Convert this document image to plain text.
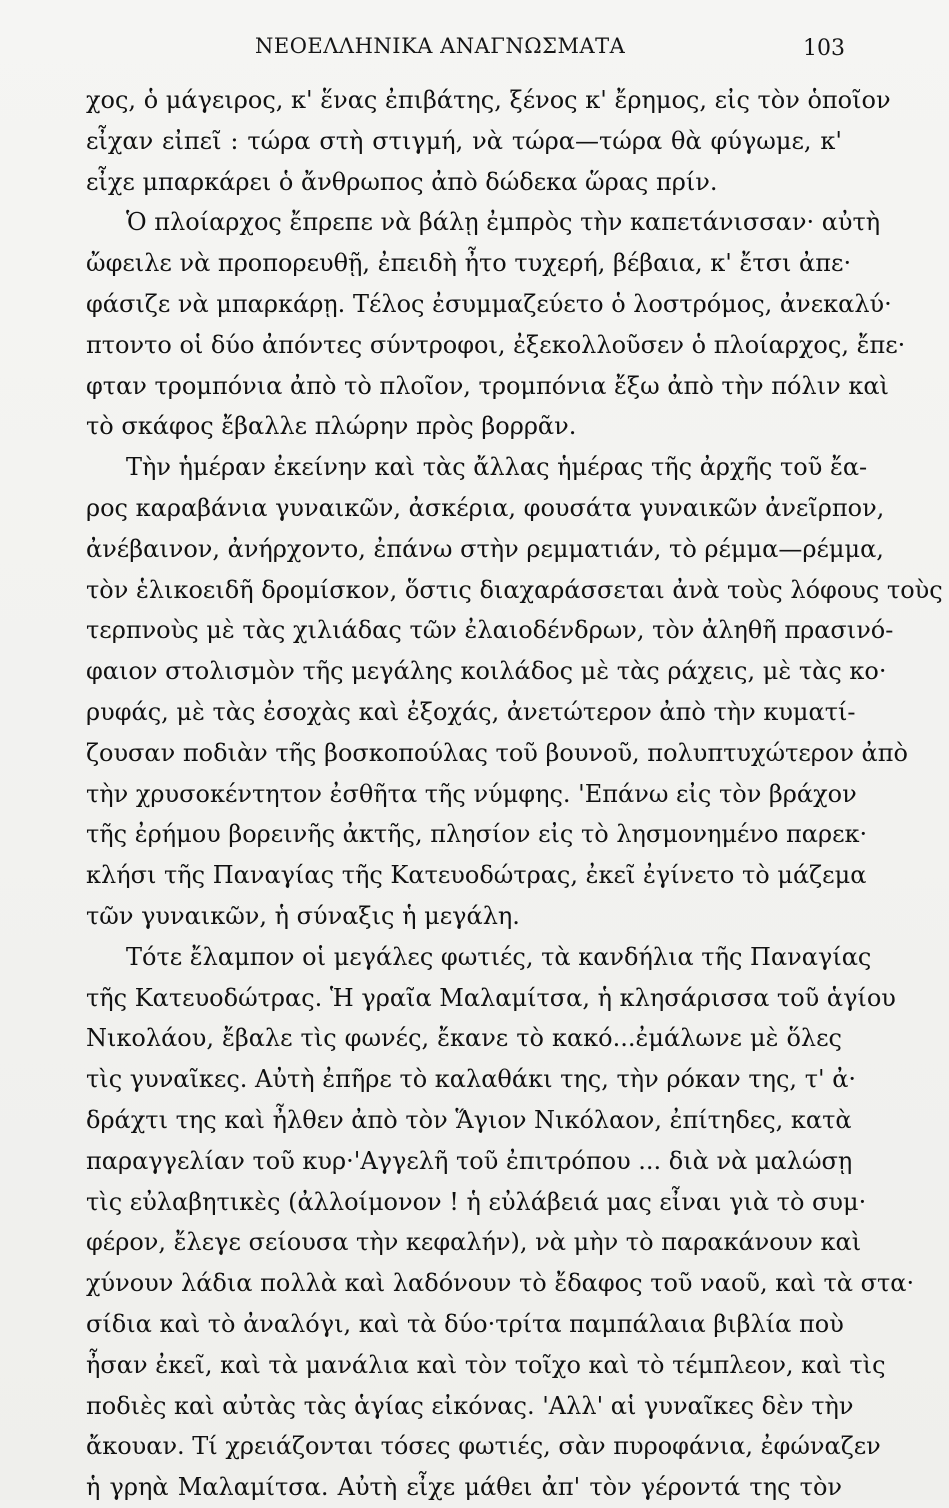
ΝΕΟΕΛΛΗΝΙΚΑ ΑΝΑΓΝΩΣΜΑΤΑ	103
χος, ὁ μάγειρος, κ' ἕνας ἐπιβάτης, ξένος κ' ἔρημος, εἰς τὸν ὁποῖον
εἶχαν εἰπεῖ : τώρα στὴ στιγμή, νὰ τώρα—τώρα θὰ φύγωμε, κ'
εἶχε μπαρκάρει ὁ ἄνθρωπος ἀπὸ δώδεκα ὥρας πρίν.
Ὁ πλοίαρχος ἔπρεπε νὰ βάλῃ ἐμπρὸς τὴν καπετάνισσαν· αὐτὴ
ὤφειλε νὰ προπορευθῇ, ἐπειδὴ ἦτο τυχερή, βέβαια, κ' ἔτσι ἀπε·
φάσιζε νὰ μπαρκάρῃ. Τέλος ἐσυμμαζεύετο ὁ λοστρόμος, ἀνεκαλύ·
πτοντο οἱ δύο ἀπόντες σύντροφοι, ἐξεκολλοῦσεν ὁ πλοίαρχος, ἔπε·
φταν τρομπόνια ἀπὸ τὸ πλοῖον, τρομπόνια ἔξω ἀπὸ τὴν πόλιν καὶ
τὸ σκάφος ἔβαλλε πλώρην πρὸς βορρᾶν.
Τὴν ἡμέραν ἐκείνην καὶ τὰς ἄλλας ἡμέρας τῆς ἀρχῆς τοῦ ἔα-
ρος καραβάνια γυναικῶν, ἀσκέρια, φουσάτα γυναικῶν ἀνεῖρπον,
ἀνέβαινον, ἀνήρχοντο, ἐπάνω στὴν ρεμματιάν, τὸ ρέμμα—ρέμμα,
τὸν ἑλικοειδῆ δρομίσκον, ὅστις διαχαράσσεται ἀνὰ τοὺς λόφους τοὺς
τερπνοὺς μὲ τὰς χιλιάδας τῶν ἐλαιοδένδρων, τὸν ἀληθῆ πρασινό-
φαιον στολισμὸν τῆς μεγάλης κοιλάδος μὲ τὰς ράχεις, μὲ τὰς κο·
ρυφάς, μὲ τὰς ἐσοχὰς καὶ ἐξοχάς, ἀνετώτερον ἀπὸ τὴν κυματί-
ζουσαν ποδιὰν τῆς βοσκοπούλας τοῦ βουνοῦ, πολυπτυχώτερον ἀπὸ
τὴν χρυσοκέντητον ἐσθῆτα τῆς νύμφης. 'Επάνω εἰς τὸν βράχον
τῆς ἐρήμου βορεινῆς ἀκτῆς, πλησίον εἰς τὸ λησμονημένο παρεκ·
κλήσι τῆς Παναγίας τῆς Κατευοδώτρας, ἐκεῖ ἐγίνετο τὸ μάζεμα
τῶν γυναικῶν, ἡ σύναξις ἡ μεγάλη.
Τότε ἔλαμπον οἱ μεγάλες φωτιές, τὰ κανδήλια τῆς Παναγίας
τῆς Κατευοδώτρας. Ἡ γραῖα Μαλαμίτσα, ἡ κλησάρισσα τοῦ ἁγίου
Νικολάου, ἔβαλε τὶς φωνές, ἔκανε τὸ κακό...ἐμάλωνε μὲ ὅλες
τὶς γυναῖκες. Αὐτὴ ἐπῆρε τὸ καλαθάκι της, τὴν ρόκαν της, τ' ἀ·
δράχτι της καὶ ἦλθεν ἀπὸ τὸν Ἅγιον Νικόλαον, ἐπίτηδες, κατὰ
παραγγελίαν τοῦ κυρ·'Αγγελῆ τοῦ ἐπιτρόπου ... διὰ νὰ μαλώσῃ
τὶς εὐλαβητικὲς (ἀλλοίμονον ! ἡ εὐλάβειά μας εἶναι γιὰ τὸ συμ·
φέρον, ἔλεγε σείουσα τὴν κεφαλήν), νὰ μὴν τὸ παρακάνουν καὶ
χύνουν λάδια πολλὰ καὶ λαδόνουν τὸ ἔδαφος τοῦ ναοῦ, καὶ τὰ στα·
σίδια καὶ τὸ ἀναλόγι, καὶ τὰ δύο·τρίτα παμπάλαια βιβλία ποὺ
ἦσαν ἐκεῖ, καὶ τὰ μανάλια καὶ τὸν τοῖχο καὶ τὸ τέμπλεον, καὶ τὶς
ποδιὲς καὶ αὐτὰς τὰς ἁγίας εἰκόνας. 'Αλλ' αἱ γυναῖκες δὲν τὴν
ἄκουαν. Τί χρειάζονται τόσες φωτιές, σὰν πυροφάνια, ἐφώναζεν
ἡ γρηὰ Μαλαμίτσα. Αὐτὴ εἶχε μάθει ἀπ' τὸν γέροντά της τὸν
